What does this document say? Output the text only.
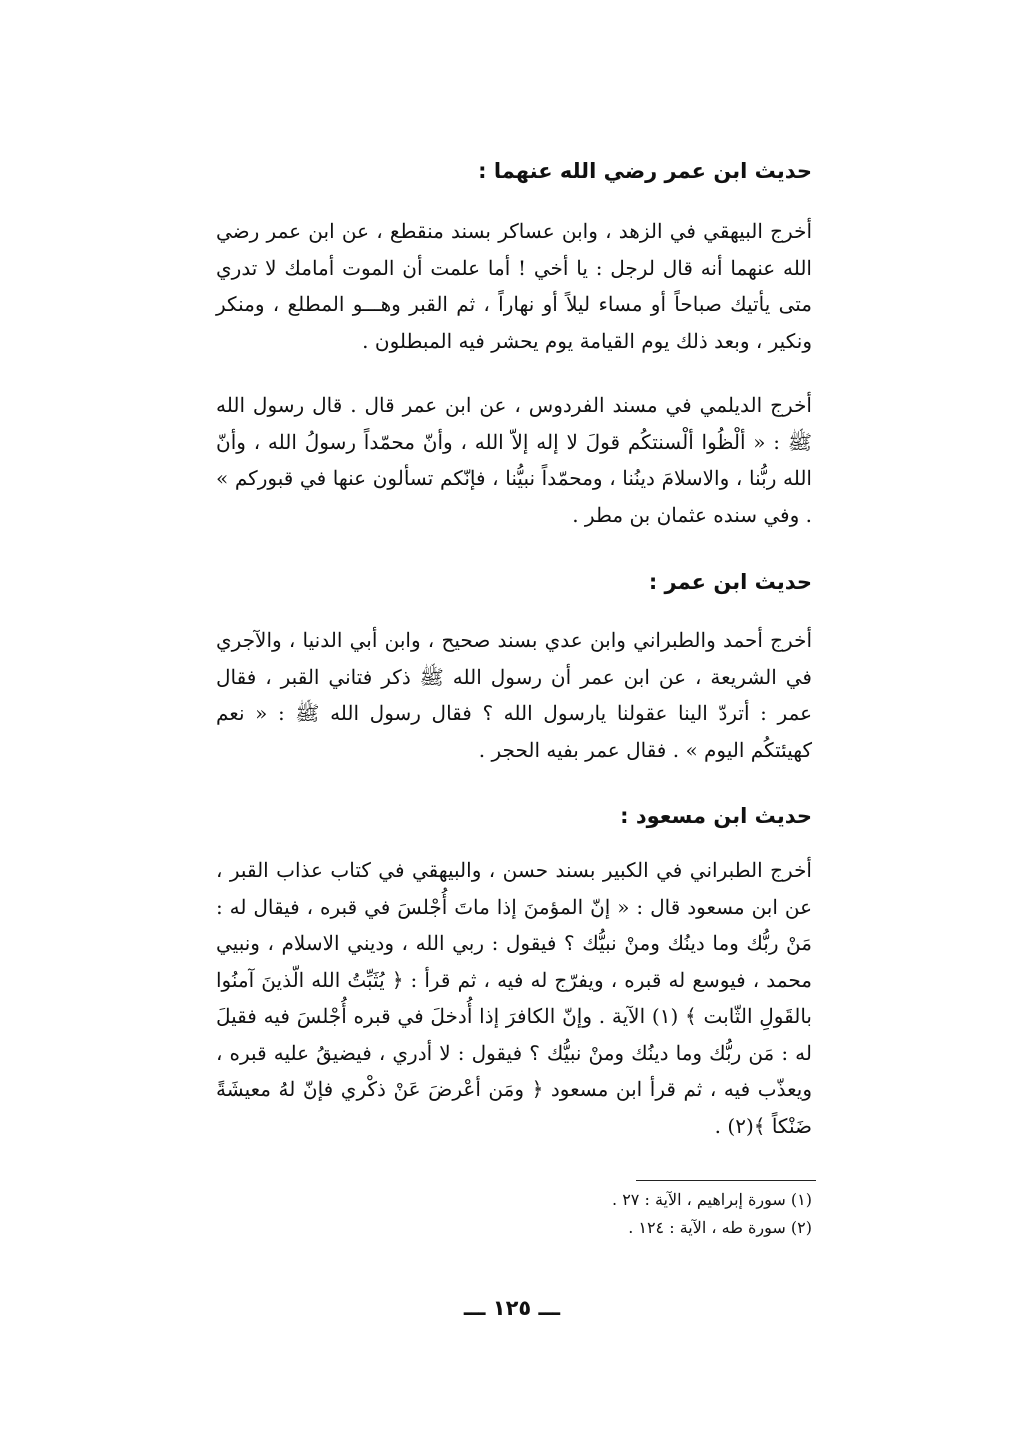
حديث ابن عمر رضي الله عنهما :
أخرج البيهقي في الزهد ، وابن عساكر بسند منقطع ، عن ابن عمر رضي الله عنهما أنه قال لرجل : يا أخي ! أما علمت أن الموت أمامك لا تدري متى يأتيك صباحاً أو مساء ليلاً أو نهاراً ، ثم القبر وهـــو المطلع ، ومنكر ونكير ، وبعد ذلك يوم القيامة يوم يحشر فيه المبطلون .
أخرج الديلمي في مسند الفردوس ، عن ابن عمر قال . قال رسول الله ﷺ : « ألْظُوا ألْسنتكُم قولَ لا إله إلاّ الله ، وأنّ محمّداً رسولُ الله ، وأنّ الله ربُّنا ، والاسلامَ دينُنا ، ومحمّداً نبيُّنا ، فإنّكم تسألون عنها في قبوركم » . وفي سنده عثمان بن مطر .
حديث ابن عمر :
أخرج أحمد والطبراني وابن عدي بسند صحيح ، وابن أبي الدنيا ، والآجري في الشريعة ، عن ابن عمر أن رسول الله ﷺ ذكر فتاني القبر ، فقال عمر : أتردّ الينا عقولنا يارسول الله ؟ فقال رسول الله ﷺ : « نعم كهيئتكُم اليوم » . فقال عمر بفيه الحجر .
حديث ابن مسعود :
أخرج الطبراني في الكبير بسند حسن ، والبيهقي في كتاب عذاب القبر ، عن ابن مسعود قال : « إنّ المؤمنَ إذا ماتَ أُجْلسَ في قبره ، فيقال له : مَنْ ربُّك وما دينُك ومنْ نبيُّك ؟ فيقول : ربي الله ، وديني الاسلام ، ونبيي محمد ، فيوسع له قبره ، ويفرّج له فيه ، ثم قرأ : ﴿ يُثَبِّتُ الله الّذينَ آمنُوا بالقَولِ الثّابت ﴾ (١) الآية . وإنّ الكافرَ إذا أُدخلَ في قبره أُجْلسَ فيه فقيلَ له : مَن ربُّك وما دينُك ومنْ نبيُّك ؟ فيقول : لا أدري ، فيضيقُ عليه قبره ، ويعذّب فيه ، ثم قرأ ابن مسعود ﴿ ومَن أعْرضَ عَنْ ذكْري فإنّ لهُ معيشَةً ضَنْكاً ﴾(٢) .
(١) سورة إبراهيم ، الآية : ٢٧ .
(٢) سورة طه ، الآية : ١٢٤ .
ـــ ١٢٥ ـــ
